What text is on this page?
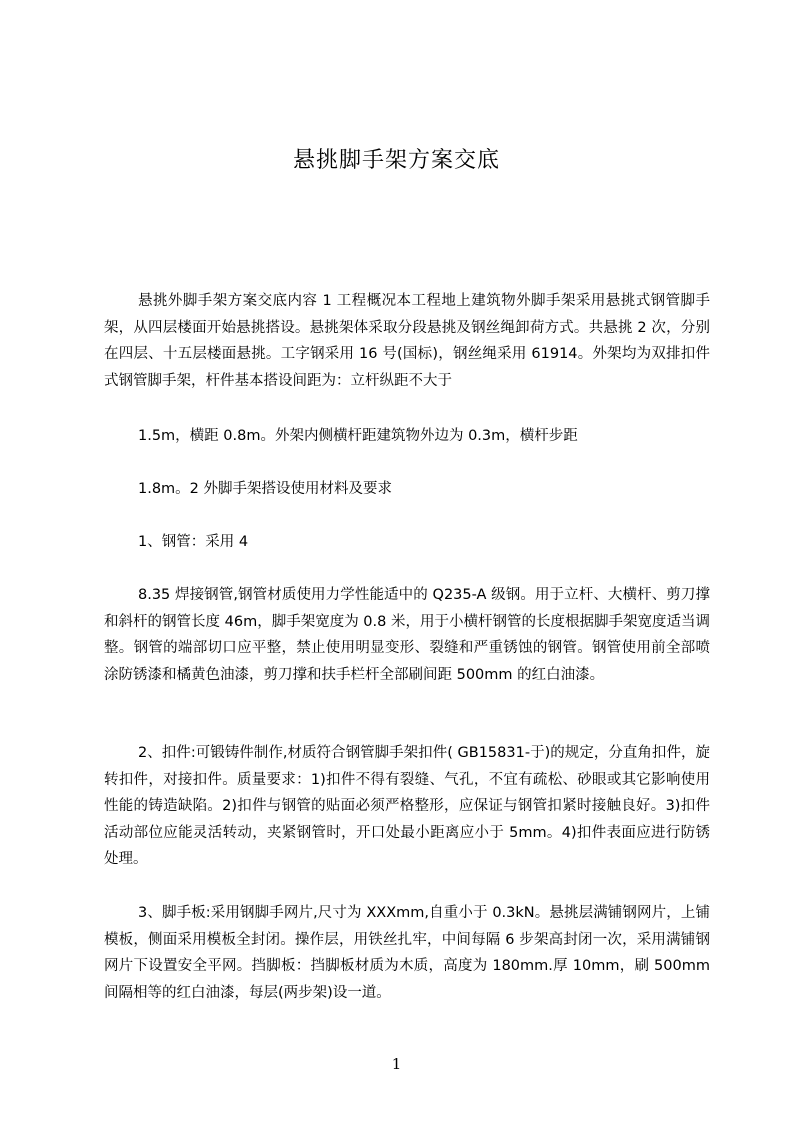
悬挑脚手架方案交底

悬挑外脚手架方案交底内容 1 工程概况本工程地上建筑物外脚手架采用悬挑式钢管脚手架，从四层楼面开始悬挑搭设。悬挑架体采取分段悬挑及钢丝绳卸荷方式。共悬挑 2 次，分别在四层、十五层楼面悬挑。工字钢采用 16 号(国标)，钢丝绳采用 61914。外架均为双排扣件式钢管脚手架，杆件基本搭设间距为：立杆纵距不大于

1.5m，横距 0.8m。外架内侧横杆距建筑物外边为 0.3m，横杆步距

1.8m。2 外脚手架搭设使用材料及要求

1、钢管：采用 4

8.35 焊接钢管,钢管材质使用力学性能适中的 Q235-A 级钢。用于立杆、大横杆、剪刀撑和斜杆的钢管长度 46m，脚手架宽度为 0.8 米，用于小横杆钢管的长度根据脚手架宽度适当调整。钢管的端部切口应平整，禁止使用明显变形、裂缝和严重锈蚀的钢管。钢管使用前全部喷涂防锈漆和橘黄色油漆，剪刀撑和扶手栏杆全部刷间距 500mm 的红白油漆。

2、扣件:可锻铸件制作,材质符合钢管脚手架扣件( GB15831-于)的规定，分直角扣件，旋转扣件，对接扣件。质量要求：1)扣件不得有裂缝、气孔，不宜有疏松、砂眼或其它影响使用性能的铸造缺陷。2)扣件与钢管的贴面必须严格整形，应保证与钢管扣紧时接触良好。3)扣件活动部位应能灵活转动，夹紧钢管时，开口处最小距离应小于 5mm。4)扣件表面应进行防锈处理。

3、脚手板:采用钢脚手网片,尺寸为 XXXmm,自重小于 0.3kN。悬挑层满铺钢网片，上铺模板，侧面采用模板全封闭。操作层，用铁丝扎牢，中间每隔 6 步架高封闭一次，采用满铺钢网片下设置安全平网。挡脚板：挡脚板材质为木质，高度为 180mm.厚 10mm，刷 500mm 间隔相等的红白油漆，每层(两步架)设一道。

1
